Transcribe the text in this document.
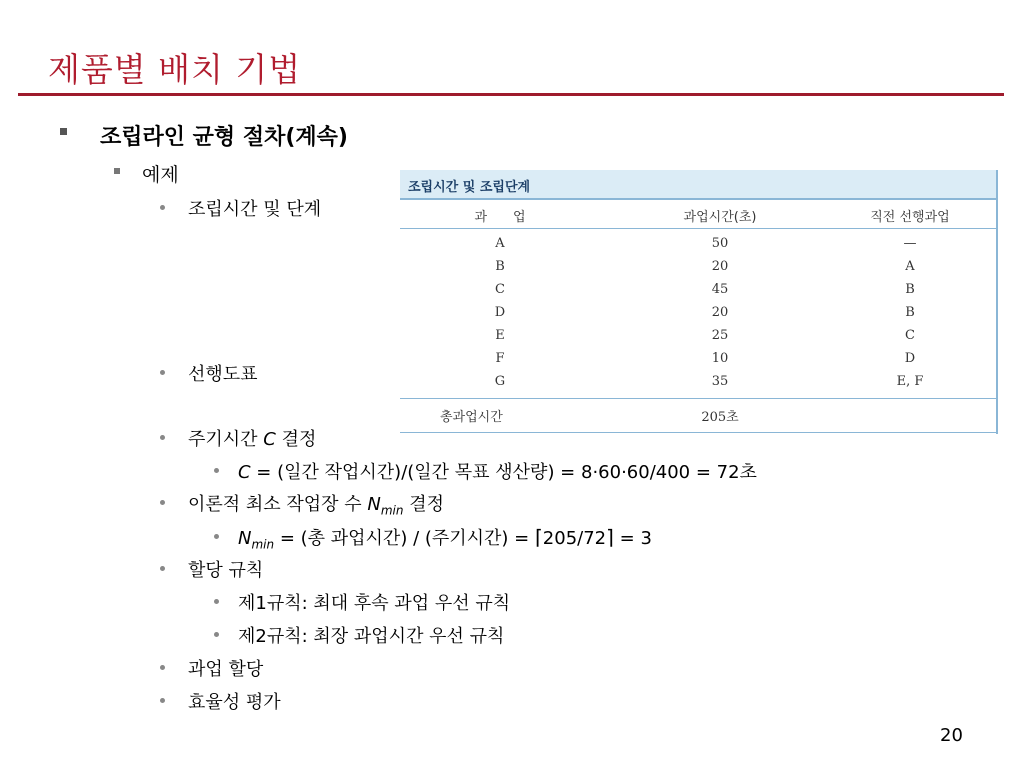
제품별 배치 기법
조립라인 균형 절차(계속)
예제
조립시간 및 단계
선행도표
주기시간 C 결정
C = (일간 작업시간)/(일간 목표 생산량) = 8·60·60/400 = 72초
이론적 최소 작업장 수 $N_{min}$ 결정
$N_{min}$ = (총 과업시간) / (주기시간) = ⌈205/72⌉ = 3
할당 규칙
제1규칙: 최대 후속 과업 우선 규칙
제2규칙: 최장 과업시간 우선 규칙
과업 할당
효율성 평가
조립시간 및 조립단계
과　　업	과업시간(초)	직전 선행과업
A	50	—
B	20	A
C	45	B
D	20	B
E	25	C
F	10	D
G	35	E, F
총과업시간	205초
20
